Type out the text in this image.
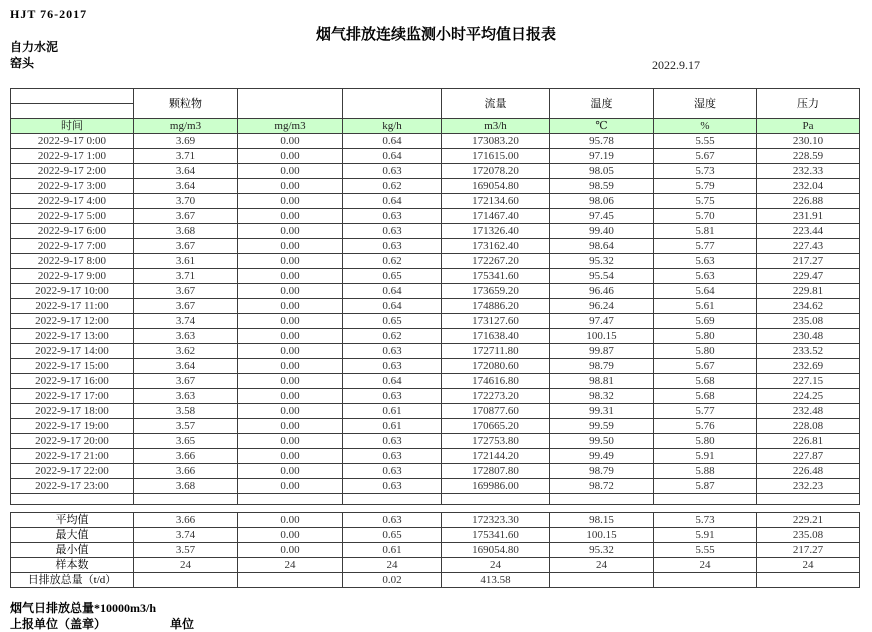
HJT 76-2017
烟气排放连续监测小时平均值日报表
自力水泥
窑头	2022.9.17
	颗粒物			流量	温度	湿度	压力

时间	mg/m3	mg/m3	kg/h	m3/h	℃	%	Pa
2022-9-17 0:00	3.69	0.00	0.64	173083.20	95.78	5.55	230.10
2022-9-17 1:00	3.71	0.00	0.64	171615.00	97.19	5.67	228.59
2022-9-17 2:00	3.64	0.00	0.63	172078.20	98.05	5.73	232.33
2022-9-17 3:00	3.64	0.00	0.62	169054.80	98.59	5.79	232.04
2022-9-17 4:00	3.70	0.00	0.64	172134.60	98.06	5.75	226.88
2022-9-17 5:00	3.67	0.00	0.63	171467.40	97.45	5.70	231.91
2022-9-17 6:00	3.68	0.00	0.63	171326.40	99.40	5.81	223.44
2022-9-17 7:00	3.67	0.00	0.63	173162.40	98.64	5.77	227.43
2022-9-17 8:00	3.61	0.00	0.62	172267.20	95.32	5.63	217.27
2022-9-17 9:00	3.71	0.00	0.65	175341.60	95.54	5.63	229.47
2022-9-17 10:00	3.67	0.00	0.64	173659.20	96.46	5.64	229.81
2022-9-17 11:00	3.67	0.00	0.64	174886.20	96.24	5.61	234.62
2022-9-17 12:00	3.74	0.00	0.65	173127.60	97.47	5.69	235.08
2022-9-17 13:00	3.63	0.00	0.62	171638.40	100.15	5.80	230.48
2022-9-17 14:00	3.62	0.00	0.63	172711.80	99.87	5.80	233.52
2022-9-17 15:00	3.64	0.00	0.63	172080.60	98.79	5.67	232.69
2022-9-17 16:00	3.67	0.00	0.64	174616.80	98.81	5.68	227.15
2022-9-17 17:00	3.63	0.00	0.63	172273.20	98.32	5.68	224.25
2022-9-17 18:00	3.58	0.00	0.61	170877.60	99.31	5.77	232.48
2022-9-17 19:00	3.57	0.00	0.61	170665.20	99.59	5.76	228.08
2022-9-17 20:00	3.65	0.00	0.63	172753.80	99.50	5.80	226.81
2022-9-17 21:00	3.66	0.00	0.63	172144.20	99.49	5.91	227.87
2022-9-17 22:00	3.66	0.00	0.63	172807.80	98.79	5.88	226.48
2022-9-17 23:00	3.68	0.00	0.63	169986.00	98.72	5.87	232.23

平均值	3.66	0.00	0.63	172323.30	98.15	5.73	229.21
最大值	3.74	0.00	0.65	175341.60	100.15	5.91	235.08
最小值	3.57	0.00	0.61	169054.80	95.32	5.55	217.27
样本数	24	24	24	24	24	24	24
日排放总量（t/d）			0.02	413.58			
烟气日排放总量*10000m3/h
上报单位（盖章）	单位
